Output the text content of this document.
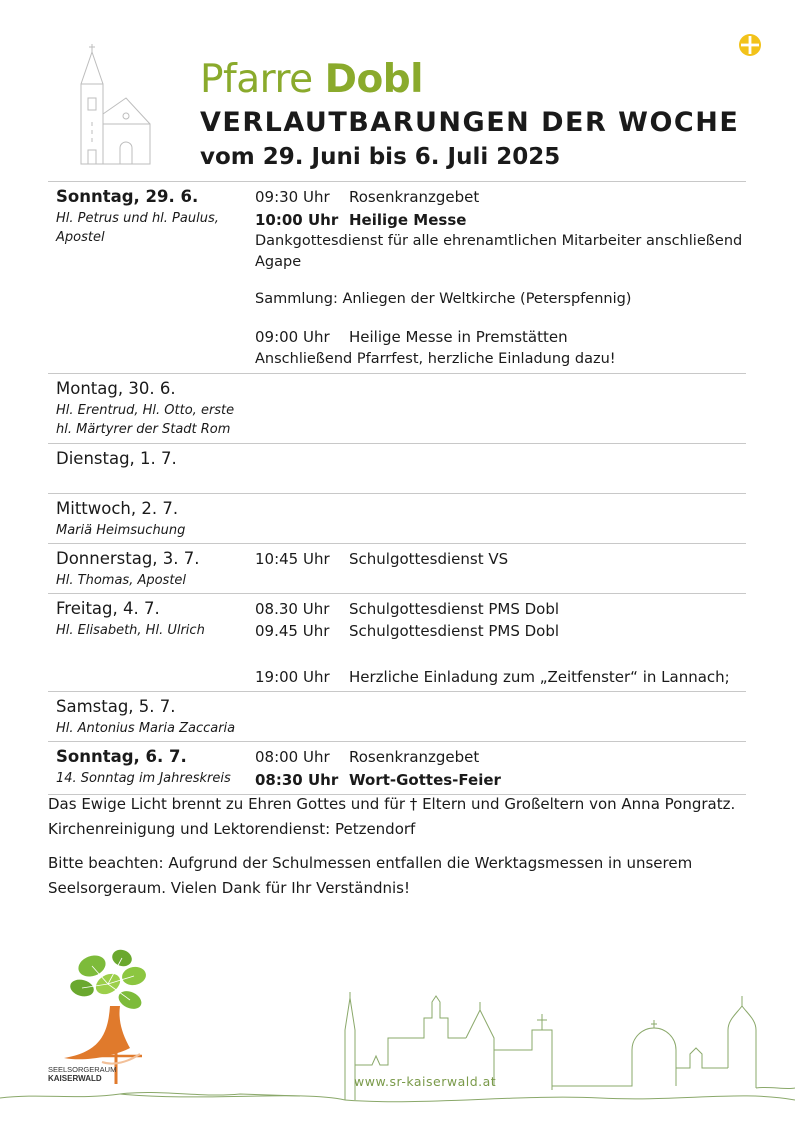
Pfarre Dobl
VERLAUTBARUNGEN DER WOCHE
vom 29. Juni bis 6. Juli 2025
Sonntag, 29. 6.
Hl. Petrus und hl. Paulus,
Apostel
09:30 Uhr	Rosenkranzgebet
10:00 Uhr Heilige Messe
Dankgottesdienst für alle ehrenamtlichen Mitarbeiter anschließend Agape
Sammlung: Anliegen der Weltkirche (Peterspfennig)
09:00 Uhr	Heilige Messe in Premstätten
Anschließend Pfarrfest, herzliche Einladung dazu!
Montag, 30. 6.
Hl. Erentrud, Hl. Otto, erste
hl. Märtyrer der Stadt Rom
Dienstag, 1. 7.
Mittwoch, 2. 7.
Mariä Heimsuchung
Donnerstag, 3. 7.
Hl. Thomas, Apostel
10:45 Uhr	Schulgottesdienst VS
Freitag, 4. 7.
Hl. Elisabeth, Hl. Ulrich
08.30 Uhr	Schulgottesdienst PMS Dobl
09.45 Uhr	Schulgottesdienst PMS Dobl
19:00 Uhr	Herzliche Einladung zum „Zeitfenster“ in Lannach;
Samstag, 5. 7.
Hl. Antonius Maria Zaccaria
Sonntag, 6. 7.
14. Sonntag im Jahreskreis
08:00 Uhr	Rosenkranzgebet
08:30 Uhr Wort-Gottes-Feier

Das Ewige Licht brennt zu Ehren Gottes und für † Eltern und Großeltern von Anna Pongratz.
Kirchenreinigung und Lektorendienst: Petzendorf

Bitte beachten: Aufgrund der Schulmessen entfallen die Werktagsmessen in unserem Seelsorgeraum. Vielen Dank für Ihr Verständnis!

SEELSORGERAUM
KAISERWALD	www.sr-kaiserwald.at
